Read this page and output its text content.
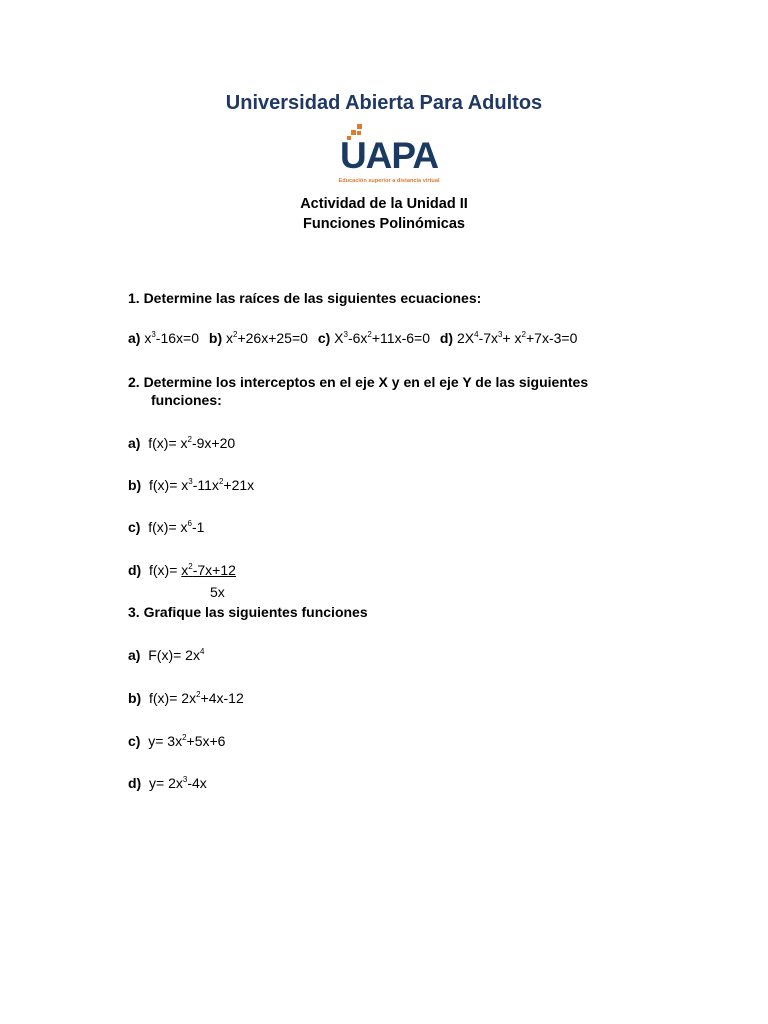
Universidad Abierta Para Adultos
UAPA
Educación superior a distancia virtual
Actividad de la Unidad II
Funciones Polinómicas
1. Determine las raíces de las siguientes ecuaciones:
a) $x^3-16x=0$ b) $x^2+26x+25=0$ c) $X^3-6x^2+11x-6=0$ d) $2X^4-7x^3+ x^2+7x-3=0$
2. Determine los interceptos en el eje X y en el eje Y de las siguientes
funciones:
a)  $f(x)= x^2-9x+20$
b)  $f(x)= x^3-11x^2+21x$
c)  $f(x)= x^6-1$
d)  $f(x)= x^2-7x+12$
5x
3. Grafique las siguientes funciones
a)  $F(x)= 2x^4$
b)  $f(x)= 2x^2+4x-12$
c)  $y= 3x^2+5x+6$
d)  $y= 2x^3-4x$
